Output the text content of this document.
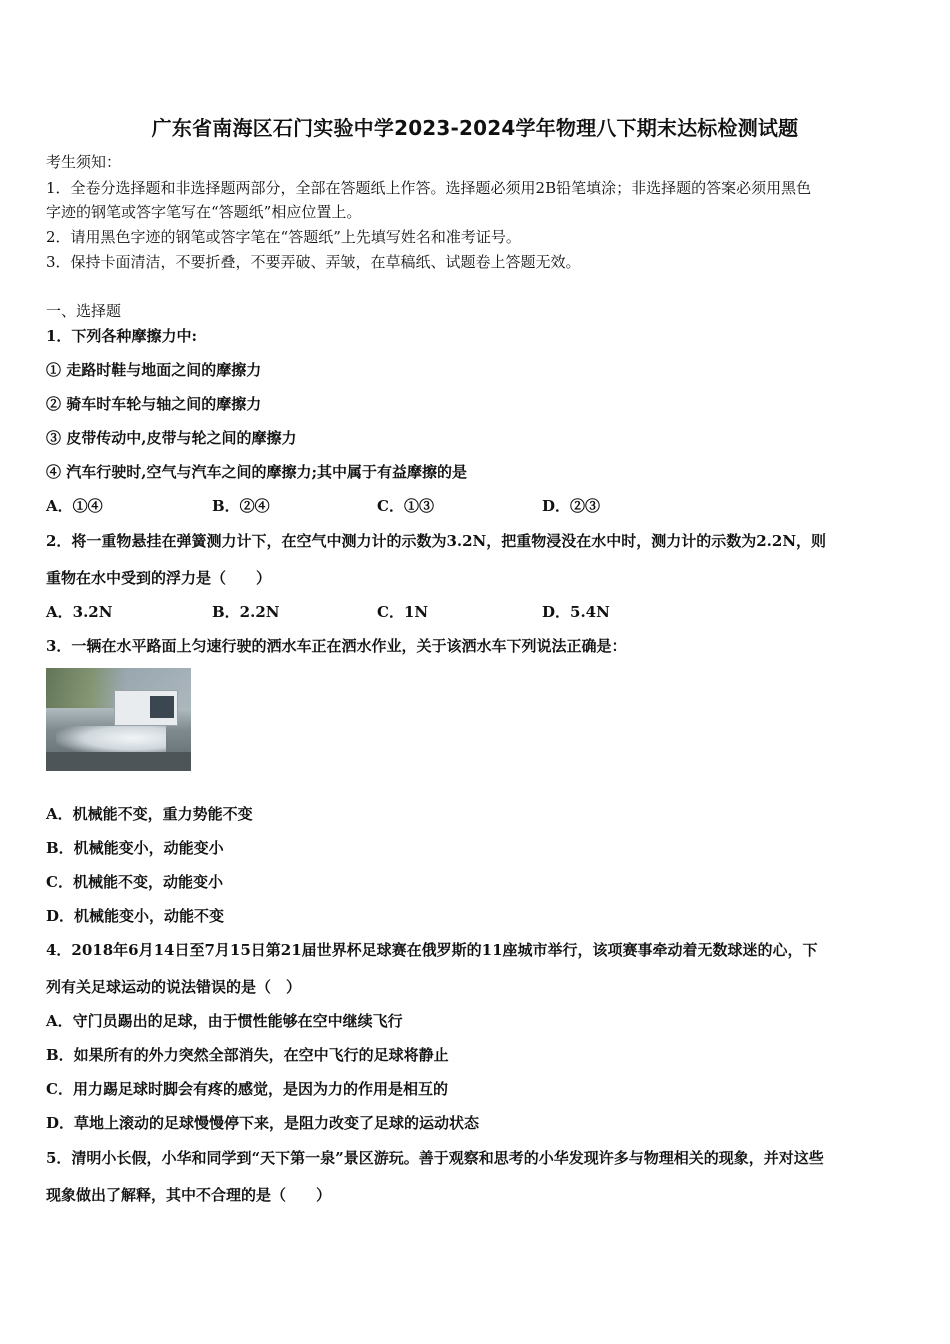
广东省南海区石门实验中学2023-2024学年物理八下期末达标检测试题
考生须知：
1．全卷分选择题和非选择题两部分，全部在答题纸上作答。选择题必须用2B铅笔填涂；非选择题的答案必须用黑色
字迹的钢笔或答字笔写在“答题纸”相应位置上。
2．请用黑色字迹的钢笔或答字笔在“答题纸”上先填写姓名和准考证号。
3．保持卡面清洁，不要折叠，不要弄破、弄皱，在草稿纸、试题卷上答题无效。
一、选择题
1．下列各种摩擦力中:
① 走路时鞋与地面之间的摩擦力
② 骑车时车轮与轴之间的摩擦力
③ 皮带传动中,皮带与轮之间的摩擦力
④ 汽车行驶时,空气与汽车之间的摩擦力;其中属于有益摩擦的是
A．①④	B．②④	C．①③	D．②③
2．将一重物悬挂在弹簧测力计下，在空气中测力计的示数为3.2N，把重物浸没在水中时，测力计的示数为2.2N，则
重物在水中受到的浮力是（　　）
A．3.2N	B．2.2N	C．1N	D．5.4N
3．一辆在水平路面上匀速行驶的洒水车正在洒水作业，关于该洒水车下列说法正确是：
A．机械能不变，重力势能不变
B．机械能变小，动能变小
C．机械能不变，动能变小
D．机械能变小，动能不变
4．2018年6月14日至7月15日第21届世界杯足球赛在俄罗斯的11座城市举行，该项赛事牵动着无数球迷的心，下
列有关足球运动的说法错误的是（　）
A．守门员踢出的足球，由于惯性能够在空中继续飞行
B．如果所有的外力突然全部消失，在空中飞行的足球将静止
C．用力踢足球时脚会有疼的感觉，是因为力的作用是相互的
D．草地上滚动的足球慢慢停下来，是阻力改变了足球的运动状态
5．清明小长假，小华和同学到“天下第一泉”景区游玩。善于观察和思考的小华发现许多与物理相关的现象，并对这些
现象做出了解释，其中不合理的是（　　）
